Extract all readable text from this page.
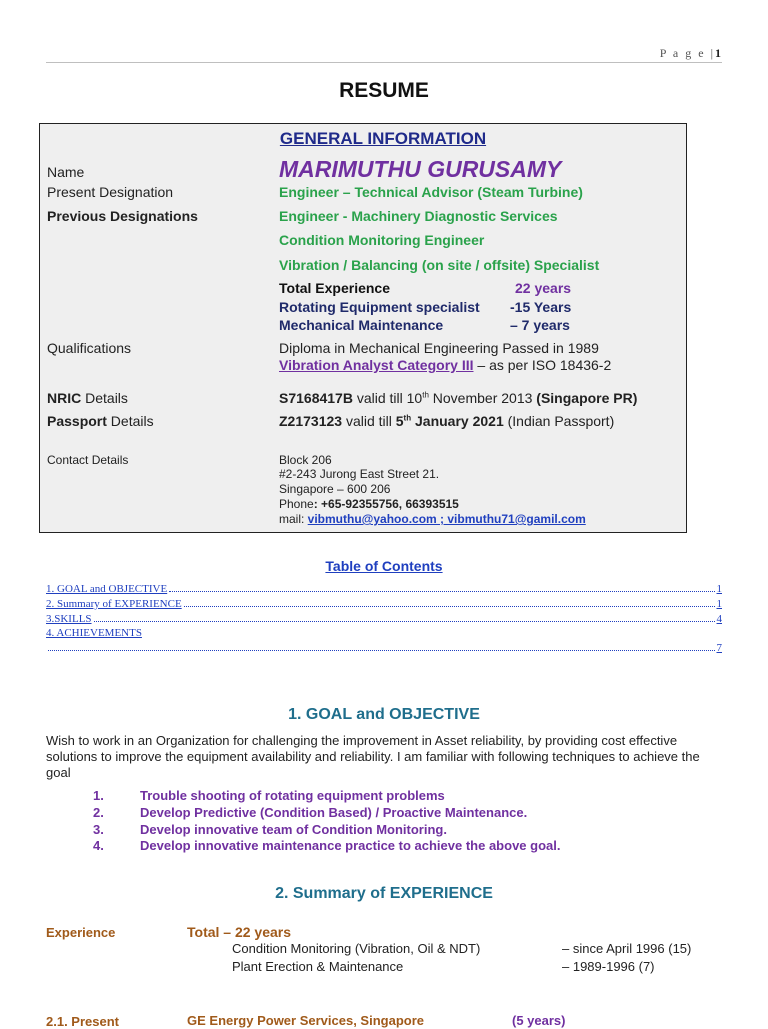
P a g e |1
RESUME
GENERAL INFORMATION
Name	MARIMUTHU GURUSAMY
Present Designation	Engineer – Technical Advisor (Steam Turbine)
Previous Designations	Engineer - Machinery Diagnostic Services
Condition Monitoring Engineer
Vibration / Balancing (on site / offsite) Specialist
Total Experience	22 years
Rotating Equipment specialist -15 Years
Mechanical Maintenance	– 7 years
Qualifications	Diploma in Mechanical Engineering Passed in 1989
Vibration Analyst Category III – as per ISO 18436-2
NRIC Details	S7168417B valid till 10th November 2013 (Singapore PR)
Passport Details	Z2173123 valid till 5th January 2021 (Indian Passport)
Contact Details	Block 206
#2-243 Jurong East Street 21.
Singapore – 600 206
Phone: +65-92355756, 66393515
mail: vibmuthu@yahoo.com ; vibmuthu71@gamil.com
Table of Contents
1. GOAL and OBJECTIVE	1
2. Summary of EXPERIENCE	1
3.SKILLS	4
4. ACHIEVEMENTS
7
1. GOAL and OBJECTIVE
Wish to work in an Organization for challenging the improvement in Asset reliability, by providing cost effective solutions to improve the equipment availability and reliability. I am familiar with following techniques to achieve the goal
1.	Trouble shooting of rotating equipment problems
2.	Develop Predictive (Condition Based) / Proactive Maintenance.
3.	Develop innovative team of Condition Monitoring.
4.	Develop innovative maintenance practice to achieve the above goal.
2. Summary of EXPERIENCE
Experience	Total – 22 years
Condition Monitoring (Vibration, Oil & NDT)	– since April 1996 (15)
Plant Erection & Maintenance	– 1989-1996 (7)
2.1. Present	GE Energy Power Services, Singapore	(5 years)
